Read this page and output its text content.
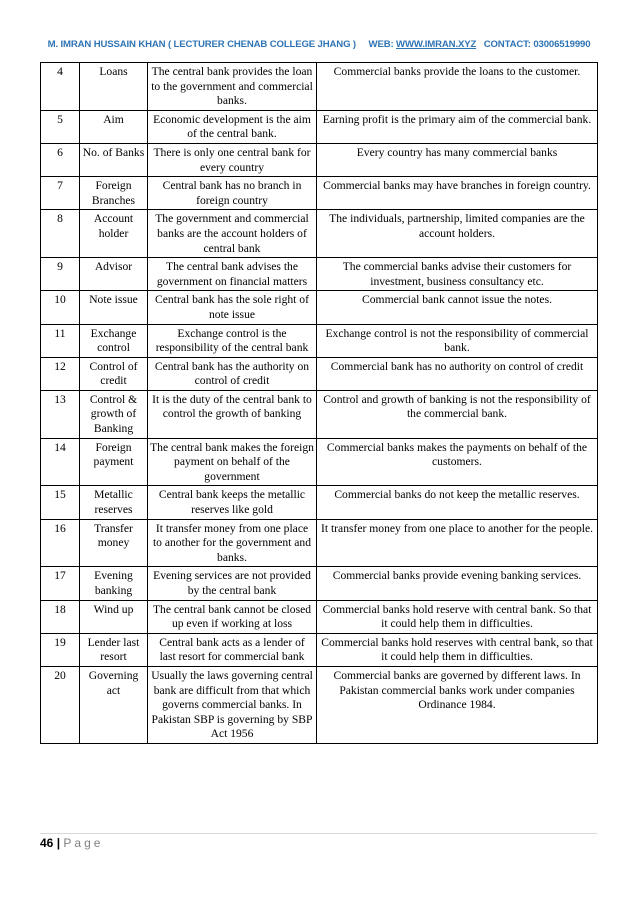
M. IMRAN HUSSAIN KHAN ( LECTURER CHENAB COLLEGE JHANG ) WEB: WWW.IMRAN.XYZ CONTACT: 03006519990
4	Loans	The central bank provides the loan to the government and commercial banks.	Commercial banks provide the loans to the customer.
5	Aim	Economic development is the aim of the central bank.	Earning profit is the primary aim of the commercial bank.
6	No. of Banks	There is only one central bank for every country	Every country has many commercial banks
7	Foreign Branches	Central bank has no branch in foreign country	Commercial banks may have branches in foreign country.
8	Account holder	The government and commercial banks are the account holders of central bank	The individuals, partnership, limited companies are the account holders.
9	Advisor	The central bank advises the government on financial matters	The commercial banks advise their customers for investment, business consultancy etc.
10	Note issue	Central bank has the sole right of note issue	Commercial bank cannot issue the notes.
11	Exchange control	Exchange control is the responsibility of the central bank	Exchange control is not the responsibility of commercial bank.
12	Control of credit	Central bank has the authority on control of credit	Commercial bank has no authority on control of credit
13	Control & growth of Banking	It is the duty of the central bank to control the growth of banking	Control and growth of banking is not the responsibility of the commercial bank.
14	Foreign payment	The central bank makes the foreign payment on behalf of the government	Commercial banks makes the payments on behalf of the customers.
15	Metallic reserves	Central bank keeps the metallic reserves like gold	Commercial banks do not keep the metallic reserves.
16	Transfer money	It transfer money from one place to another for the government and banks.	It transfer money from one place to another for the people.
17	Evening banking	Evening services are not provided by the central bank	Commercial banks provide evening banking services.
18	Wind up	The central bank cannot be closed up even if working at loss	Commercial banks hold reserve with central bank. So that it could help them in difficulties.
19	Lender last resort	Central bank acts as a lender of last resort for commercial bank	Commercial banks hold reserves with central bank, so that it could help them in difficulties.
20	Governing act	Usually the laws governing central bank are difficult from that which governs commercial banks. In Pakistan SBP is governing by SBP Act 1956	Commercial banks are governed by different laws. In Pakistan commercial banks work under companies Ordinance 1984.
46 | Page
